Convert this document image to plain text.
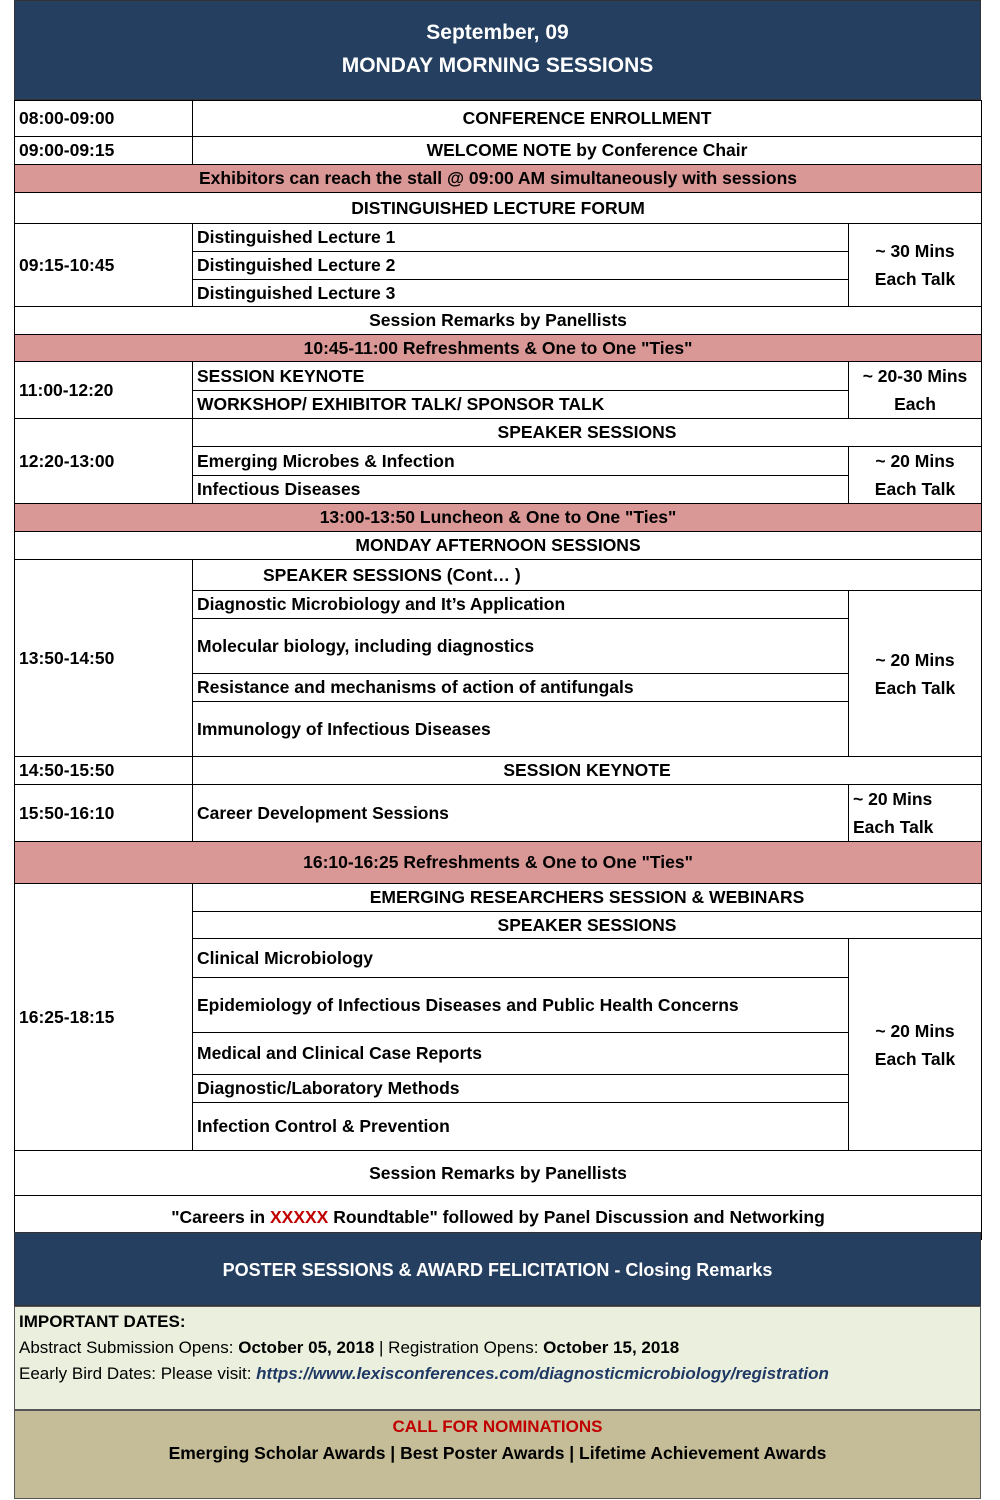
September, 09
MONDAY MORNING SESSIONS
08:00-09:00	CONFERENCE ENROLLMENT	
09:00-09:15	WELCOME NOTE by Conference Chair	
Exhibitors can reach the stall @ 09:00 AM simultaneously with sessions		
DISTINGUISHED LECTURE FORUM		
09:15-10:45	Distinguished Lecture 1	~ 30 Mins Each Talk
	Distinguished Lecture 2	
	Distinguished Lecture 3	
Session Remarks by Panellists		
10:45-11:00 Refreshments & One to One "Ties"		
11:00-12:20	SESSION KEYNOTE	~ 20-30 Mins Each
	WORKSHOP/ EXHIBITOR TALK/ SPONSOR TALK	
12:20-13:00	SPEAKER SESSIONS	
	Emerging Microbes & Infection	~ 20 Mins Each Talk
	Infectious Diseases	
13:00-13:50 Luncheon & One to One "Ties"		
MONDAY AFTERNOON SESSIONS		
13:50-14:50	SPEAKER SESSIONS (Cont… )	
	Diagnostic Microbiology and It’s Application	~ 20 Mins Each Talk
	Molecular biology, including diagnostics	
	Resistance and mechanisms of action of antifungals	
	Immunology of Infectious Diseases	
14:50-15:50	SESSION KEYNOTE	
15:50-16:10	Career Development Sessions	~ 20 Mins Each Talk
16:10-16:25 Refreshments & One to One "Ties"		
16:25-18:15	EMERGING RESEARCHERS SESSION & WEBINARS	
	SPEAKER SESSIONS	
	Clinical Microbiology	~ 20 Mins Each Talk
	Epidemiology of Infectious Diseases and Public Health Concerns	
	Medical and Clinical Case Reports	
	Diagnostic/Laboratory Methods	
	Infection Control & Prevention	
Session Remarks by Panellists		
"Careers in XXXXX Roundtable" followed by Panel Discussion and Networking		
POSTER SESSIONS & AWARD FELICITATION - Closing Remarks
IMPORTANT DATES:
Abstract Submission Opens: October 05, 2018 | Registration Opens: October 15, 2018
Eearly Bird Dates: Please visit: https://www.lexisconferences.com/diagnosticmicrobiology/registration
CALL FOR NOMINATIONS
Emerging Scholar Awards | Best Poster Awards | Lifetime Achievement Awards
